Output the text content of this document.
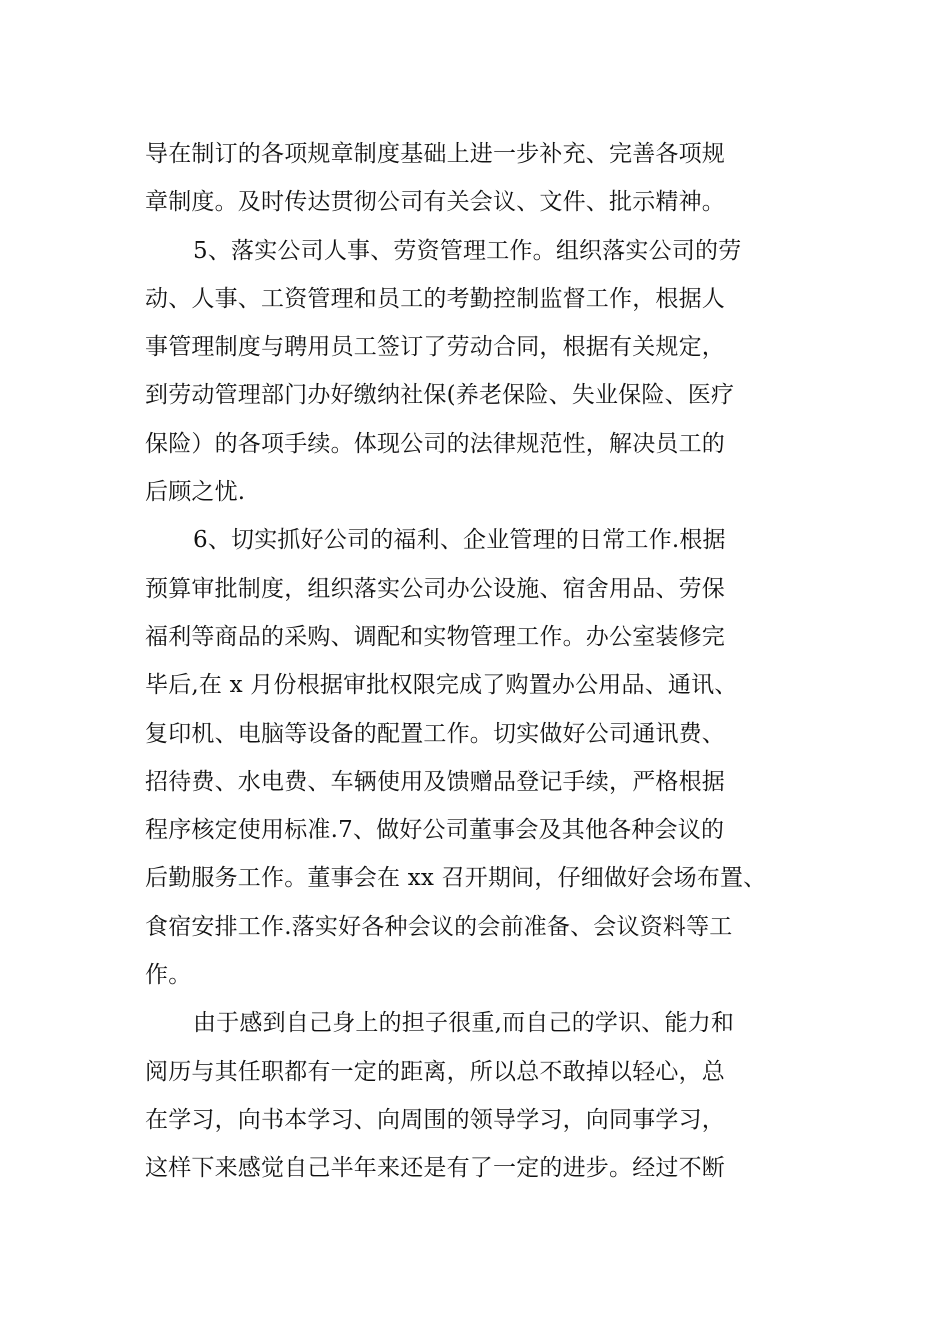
导在制订的各项规章制度基础上进一步补充、完善各项规
章制度。及时传达贯彻公司有关会议、文件、批示精神。
5、落实公司人事、劳资管理工作。组织落实公司的劳
动、人事、工资管理和员工的考勤控制监督工作，根据人
事管理制度与聘用员工签订了劳动合同，根据有关规定，
到劳动管理部门办好缴纳社保(养老保险、失业保险、医疗
保险）的各项手续。体现公司的法律规范性，解决员工的
后顾之忧.
6、切实抓好公司的福利、企业管理的日常工作.根据
预算审批制度，组织落实公司办公设施、宿舍用品、劳保
福利等商品的采购、调配和实物管理工作。办公室装修完
毕后,在 x 月份根据审批权限完成了购置办公用品、通讯、
复印机、电脑等设备的配置工作。切实做好公司通讯费、
招待费、水电费、车辆使用及馈赠品登记手续，严格根据
程序核定使用标准.7、做好公司董事会及其他各种会议的
后勤服务工作。董事会在 xx 召开期间，仔细做好会场布置、
食宿安排工作.落实好各种会议的会前准备、会议资料等工
作。
由于感到自己身上的担子很重,而自己的学识、能力和
阅历与其任职都有一定的距离，所以总不敢掉以轻心，总
在学习，向书本学习、向周围的领导学习，向同事学习，
这样下来感觉自己半年来还是有了一定的进步。经过不断
